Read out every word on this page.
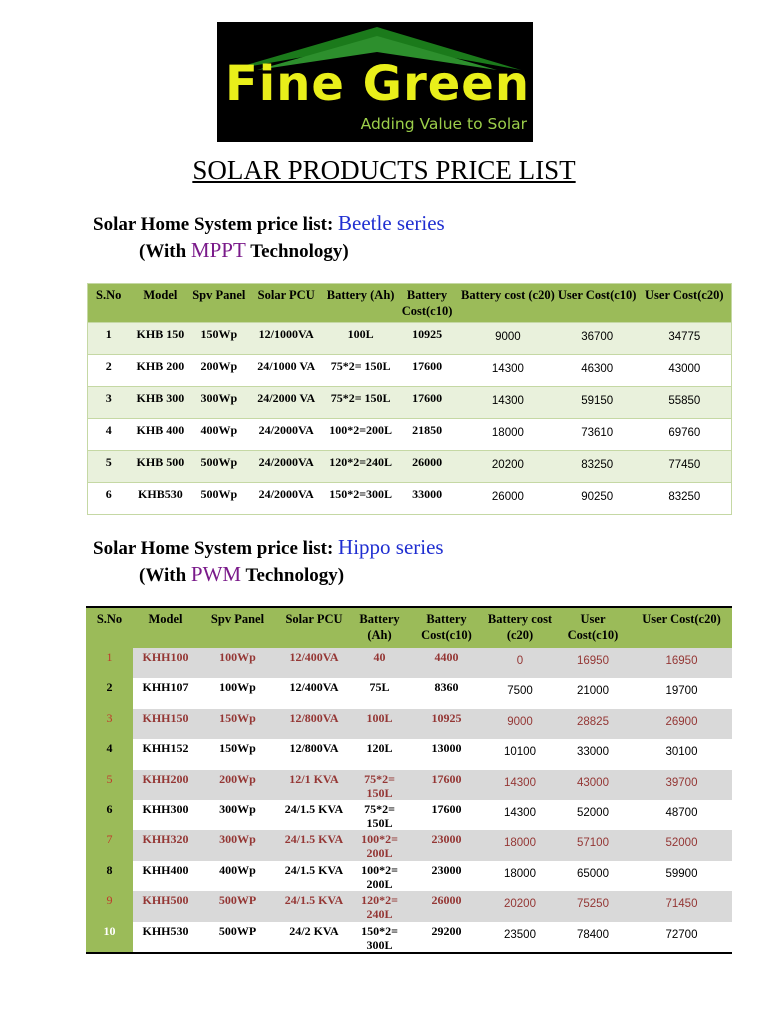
Fine Green
Adding Value to Solar
SOLAR PRODUCTS PRICE LIST
Solar Home System price list: Beetle series
(With MPPT Technology)
S.No	Model	Spv Panel	Solar PCU	Battery (Ah)	Battery Cost(c10)	Battery cost (c20)	User Cost(c10)	User Cost(c20)
1	KHB 150	150Wp	12/1000VA	100L	10925	9000	36700	34775
2	KHB 200	200Wp	24/1000 VA	75*2= 150L	17600	14300	46300	43000
3	KHB 300	300Wp	24/2000 VA	75*2= 150L	17600	14300	59150	55850
4	KHB 400	400Wp	24/2000VA	100*2=200L	21850	18000	73610	69760
5	KHB 500	500Wp	24/2000VA	120*2=240L	26000	20200	83250	77450
6	KHB530	500Wp	24/2000VA	150*2=300L	33000	26000	90250	83250
Solar Home System price list: Hippo series
(With PWM Technology)
S.No	Model	Spv Panel	Solar PCU	Battery (Ah)	Battery Cost(c10)	Battery cost (c20)	User Cost(c10)	User Cost(c20)
1	KHH100	100Wp	12/400VA	40	4400	0	16950	16950
2	KHH107	100Wp	12/400VA	75L	8360	7500	21000	19700
3	KHH150	150Wp	12/800VA	100L	10925	9000	28825	26900
4	KHH152	150Wp	12/800VA	120L	13000	10100	33000	30100
5	KHH200	200Wp	12/1 KVA	75*2= 150L	17600	14300	43000	39700
6	KHH300	300Wp	24/1.5 KVA	75*2= 150L	17600	14300	52000	48700
7	KHH320	300Wp	24/1.5 KVA	100*2= 200L	23000	18000	57100	52000
8	KHH400	400Wp	24/1.5 KVA	100*2= 200L	23000	18000	65000	59900
9	KHH500	500WP	24/1.5 KVA	120*2= 240L	26000	20200	75250	71450
10	KHH530	500WP	24/2 KVA	150*2= 300L	29200	23500	78400	72700
